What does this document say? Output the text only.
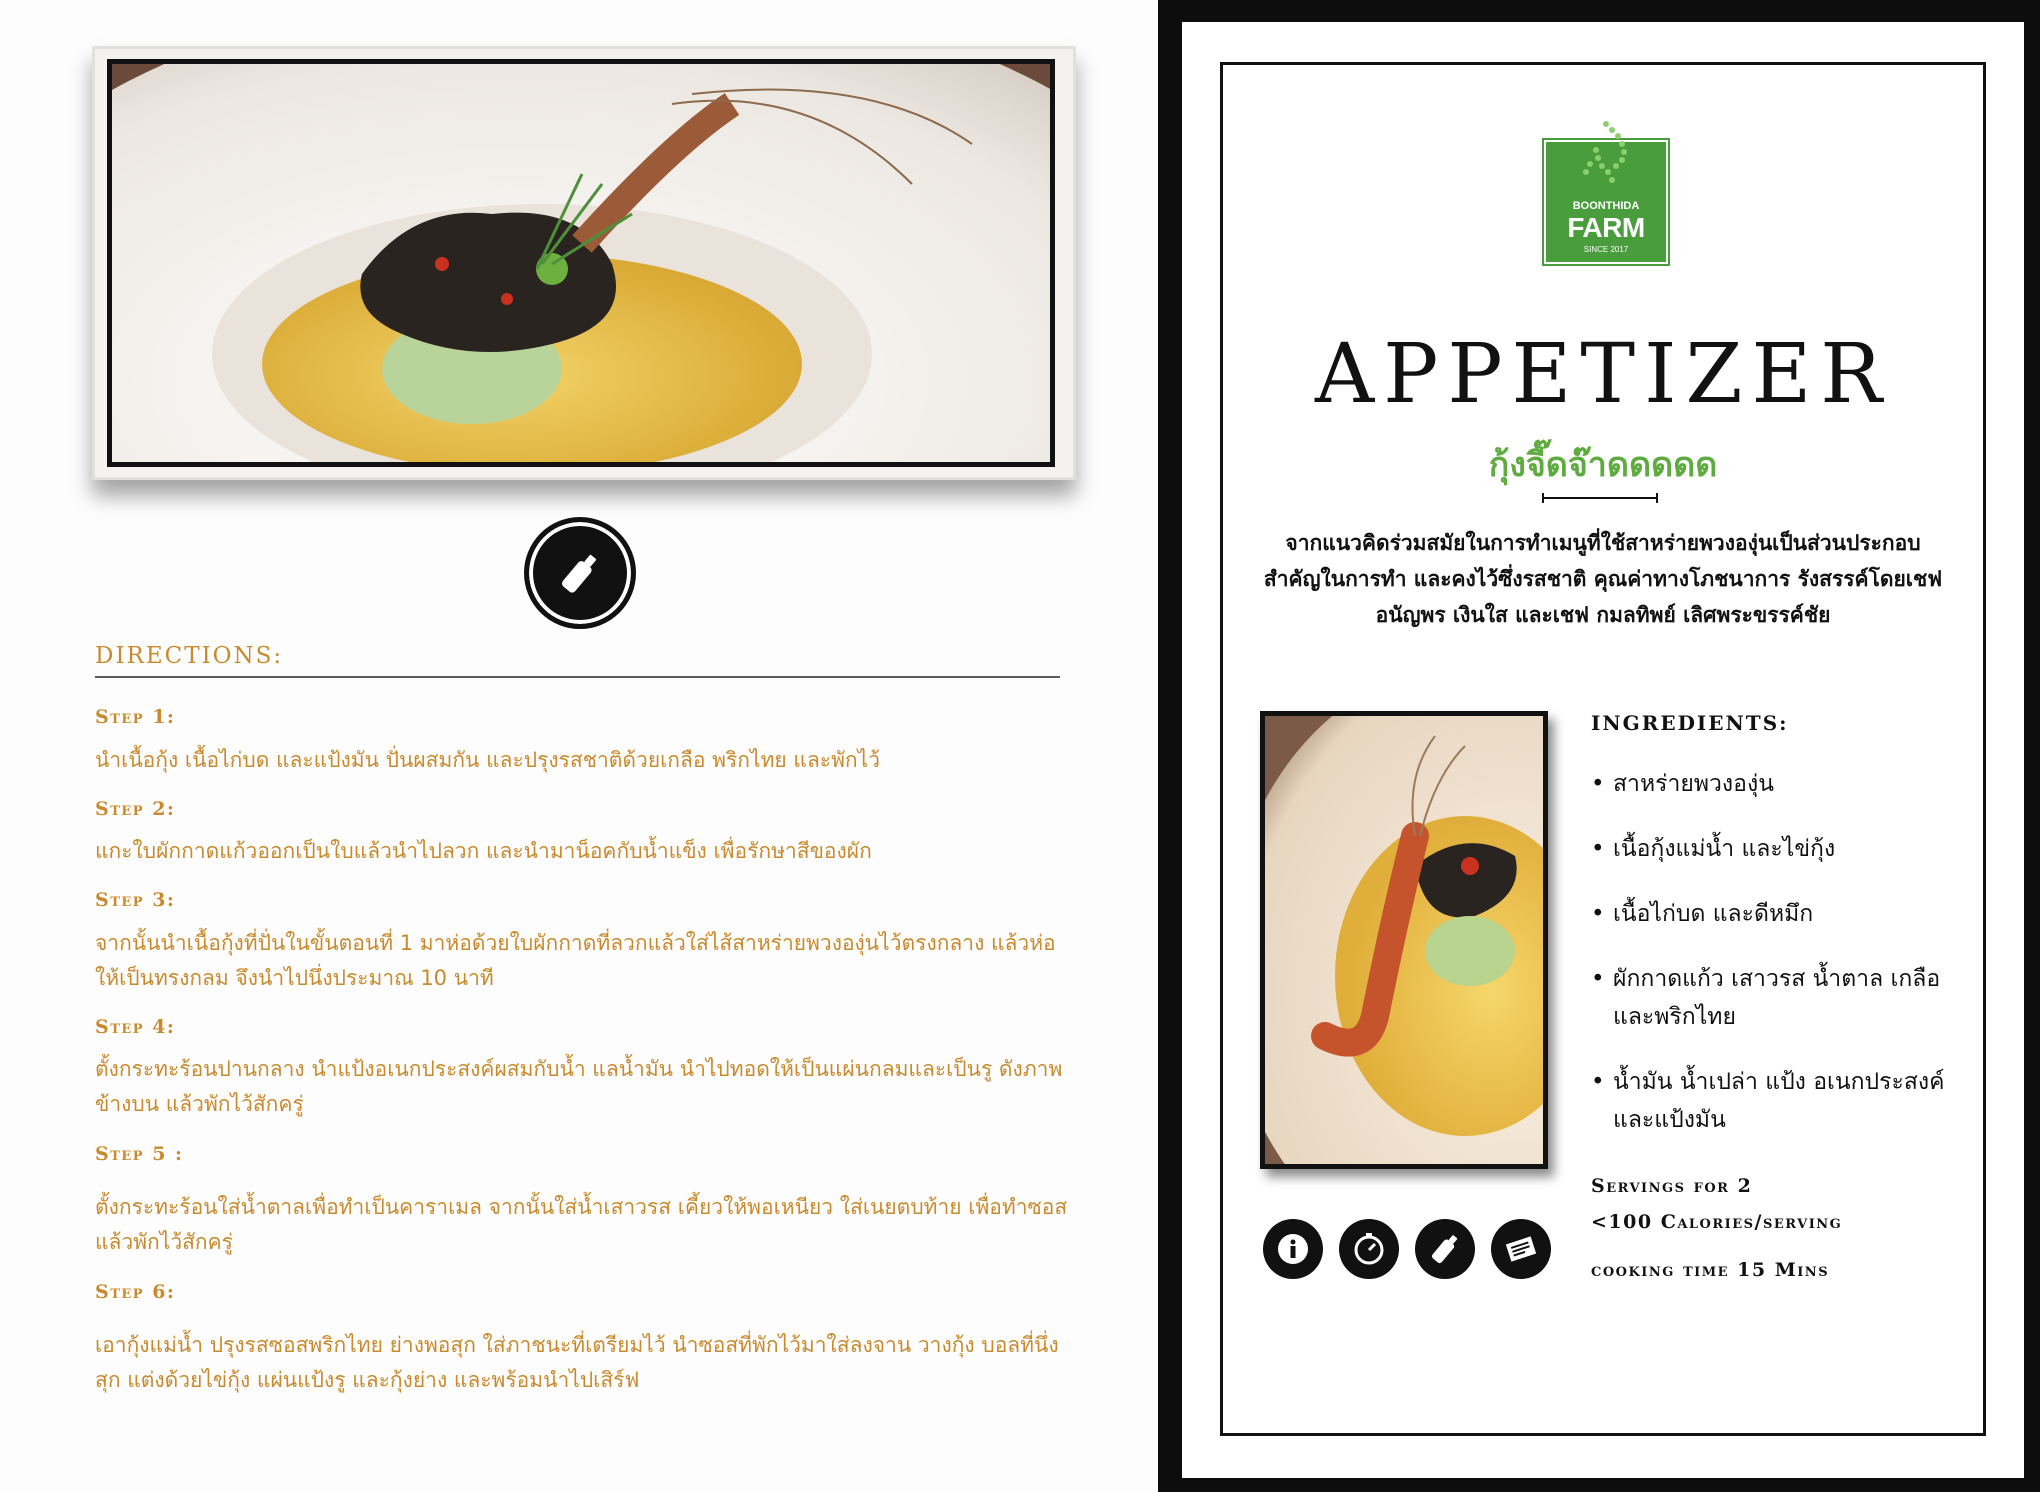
DIRECTIONS:

Step 1:

นำเนื้อกุ้ง เนื้อไก่บด และแป้งมัน ปั่นผสมกัน และปรุงรสชาติด้วยเกลือ พริกไทย และพักไว้

Step 2:

แกะใบผักกาดแก้วออกเป็นใบแล้วนำไปลวก และนำมาน็อคกับน้ำแข็ง เพื่อรักษาสีของผัก

Step 3:

จากนั้นนำเนื้อกุ้งที่ปั่นในขั้นตอนที่ 1 มาห่อด้วยใบผักกาดที่ลวกแล้วใส่ไส้สาหร่ายพวงองุ่นไว้ตรงกลาง แล้วห่อให้เป็นทรงกลม จึงนำไปนึ่งประมาณ 10 นาที

Step 4:

ตั้งกระทะร้อนปานกลาง นำแป้งอเนกประสงค์ผสมกับน้ำ แลน้ำมัน นำไปทอดให้เป็นแผ่นกลมและเป็นรู ดังภาพข้างบน แล้วพักไว้สักครู่

Step 5 :

ตั้งกระทะร้อนใส่น้ำตาลเพื่อทำเป็นคาราเมล จากนั้นใส่น้ำเสาวรส เคี้ยวให้พอเหนียว ใส่เนยตบท้าย เพื่อทำซอส แล้วพักไว้สักครู่

Step 6:

เอากุ้งแม่น้ำ ปรุงรสซอสพริกไทย ย่างพอสุก ใส่ภาชนะที่เตรียมไว้ นำซอสที่พักไว้มาใส่ลงจาน วางกุ้ง บอลที่นึ่งสุก แต่งด้วยไข่กุ้ง แผ่นแป้งรู และกุ้งย่าง และพร้อมนำไปเสิร์ฟ

BOONTHIDA
FARM
SINCE 2017
APPETIZER
กุ้งจี๊ดจ๊าดดดดด

จากแนวคิดร่วมสมัยในการทำเมนูที่ใช้สาหร่ายพวงองุ่นเป็นส่วนประกอบสำคัญในการทำ และคงไว้ซึ่งรสชาติ คุณค่าทางโภชนาการ รังสรรค์โดยเชฟ อนัญพร เงินใส และเชฟ กมลทิพย์ เลิศพระขรรค์ชัย

INGREDIENTS:
• สาหร่ายพวงองุ่น
• เนื้อกุ้งแม่น้ำ และไข่กุ้ง
• เนื้อไก่บด และดีหมึก
• ผักกาดแก้ว เสาวรส น้ำตาล เกลือ และพริกไทย
• น้ำมัน น้ำเปล่า แป้ง อเนกประสงค์ และแป้งมัน

Servings for 2

<100 Calories/serving

cooking time 15 Mins
